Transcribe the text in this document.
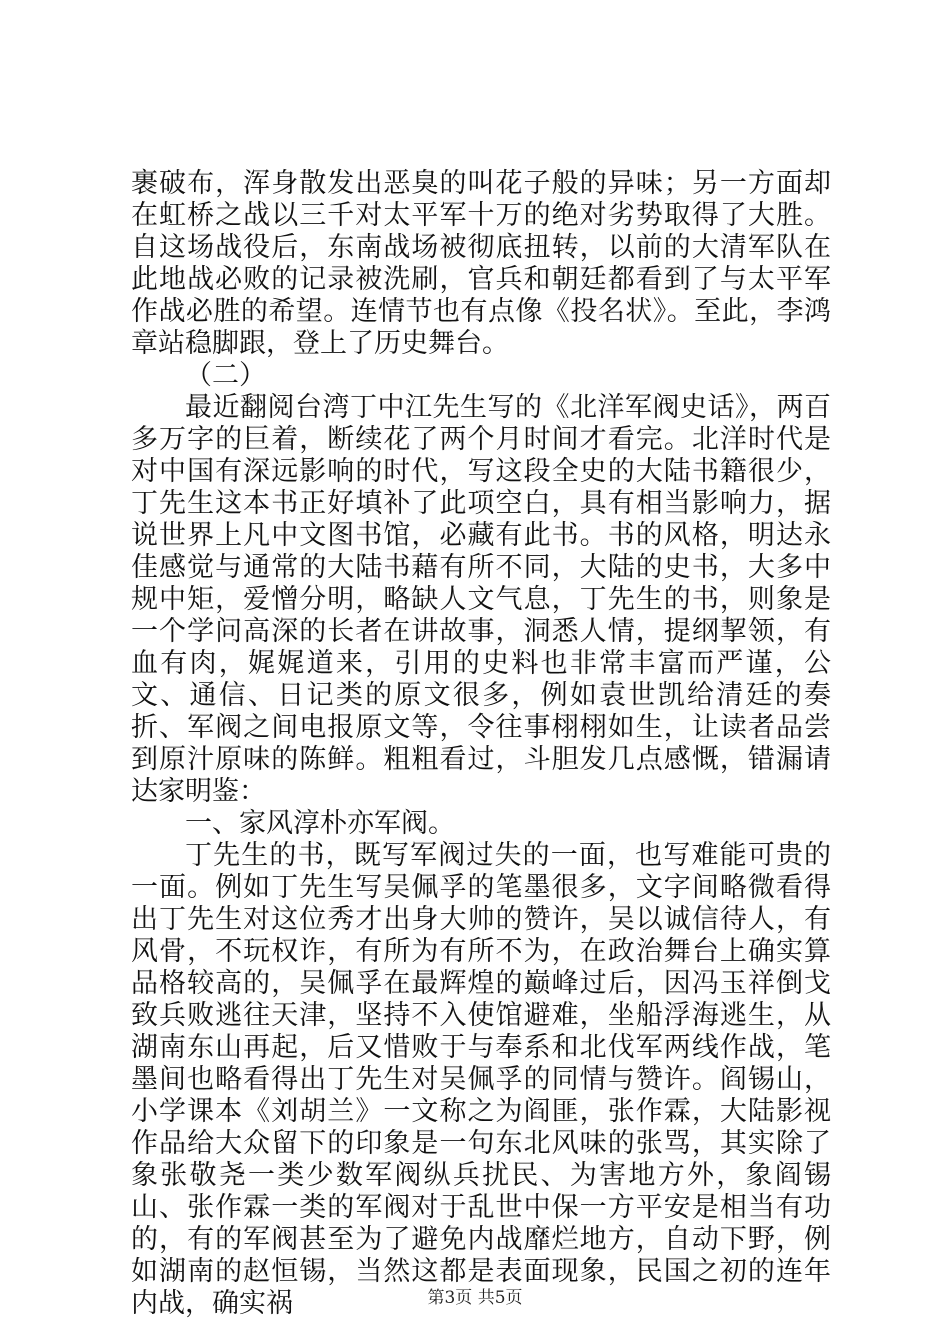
裹破布，浑身散发出恶臭的叫花子般的异味；另一方面却在虹桥之战以三千对太平军十万的绝对劣势取得了大胜。自这场战役后，东南战场被彻底扭转，以前的大清军队在此地战必败的记录被洗刷，官兵和朝廷都看到了与太平军作战必胜的希望。连情节也有点像《投名状》。至此，李鸿章站稳脚跟，登上了历史舞台。

（二）

最近翻阅台湾丁中江先生写的《北洋军阀史话》，两百多万字的巨着，断续花了两个月时间才看完。北洋时代是对中国有深远影响的时代，写这段全史的大陆书籍很少，丁先生这本书正好填补了此项空白，具有相当影响力，据说世界上凡中文图书馆，必藏有此书。书的风格，明达永佳感觉与通常的大陆书藉有所不同，大陆的史书，大多中规中矩，爱憎分明，略缺人文气息，丁先生的书，则象是一个学问高深的长者在讲故事，洞悉人情，提纲挈领，有血有肉，娓娓道来，引用的史料也非常丰富而严谨，公文、通信、日记类的原文很多，例如袁世凯给清廷的奏折、军阀之间电报原文等，令往事栩栩如生，让读者品尝到原汁原味的陈鲜。粗粗看过，斗胆发几点感慨，错漏请达家明鉴：

一、家风淳朴亦军阀。

丁先生的书，既写军阀过失的一面，也写难能可贵的一面。例如丁先生写吴佩孚的笔墨很多，文字间略微看得出丁先生对这位秀才出身大帅的赞许，吴以诚信待人，有风骨，不玩权诈，有所为有所不为，在政治舞台上确实算品格较高的，吴佩孚在最辉煌的巅峰过后，因冯玉祥倒戈致兵败逃往天津，坚持不入使馆避难，坐船浮海逃生，从湖南东山再起，后又惜败于与奉系和北伐军两线作战，笔墨间也略看得出丁先生对吴佩孚的同情与赞许。阎锡山，小学课本《刘胡兰》一文称之为阎匪，张作霖，大陆影视作品给大众留下的印象是一句东北风味的张骂，其实除了象张敬尧一类少数军阀纵兵扰民、为害地方外，象阎锡山、张作霖一类的军阀对于乱世中保一方平安是相当有功的，有的军阀甚至为了避免内战靡烂地方，自动下野，例如湖南的赵恒锡，当然这都是表面现象，民国之初的连年内战，确实祸	第3页 共5页
